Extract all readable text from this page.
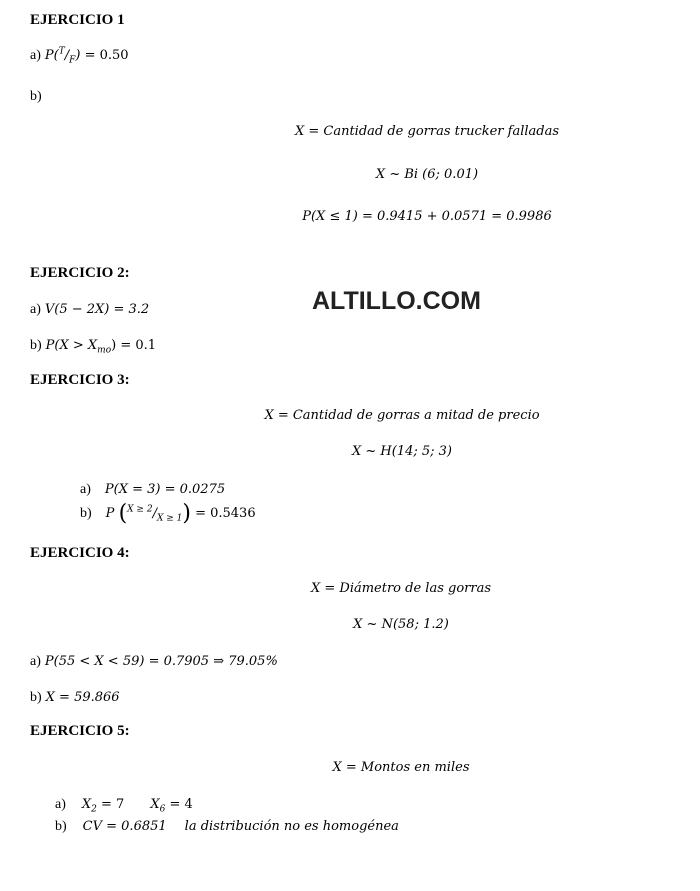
EJERCICIO 1
a) $P(^T/_F) = 0.50$
b)
X = Cantidad de gorras trucker falladas
X ~ Bi (6; 0.01)
P(X ≤ 1) = 0.9415 + 0.0571 = 0.9986
EJERCICIO 2:
a) V(5 − 2X) = 3.2	ALTILLO.COM
b) $P(X > X_{mo}) = 0.1$
EJERCICIO 3:
X = Cantidad de gorras a mitad de precio
X ~ H(14; 5; 3)
a) P(X = 3) = 0.0275
b) P $(^{X \ge 2}/_{X \ge 1}) = 0.5436$
EJERCICIO 4:
X = Diámetro de las gorras
X ~ N(58; 1.2)
a) P(55 < X < 59) = 0.7905 ⇒ 79.05%
b) X = 59.866
EJERCICIO 5:
X = Montos en miles
a) $X_2 = 7$ $X_6 = 4$
b) CV = 0.6851 la distribución no es homogénea
